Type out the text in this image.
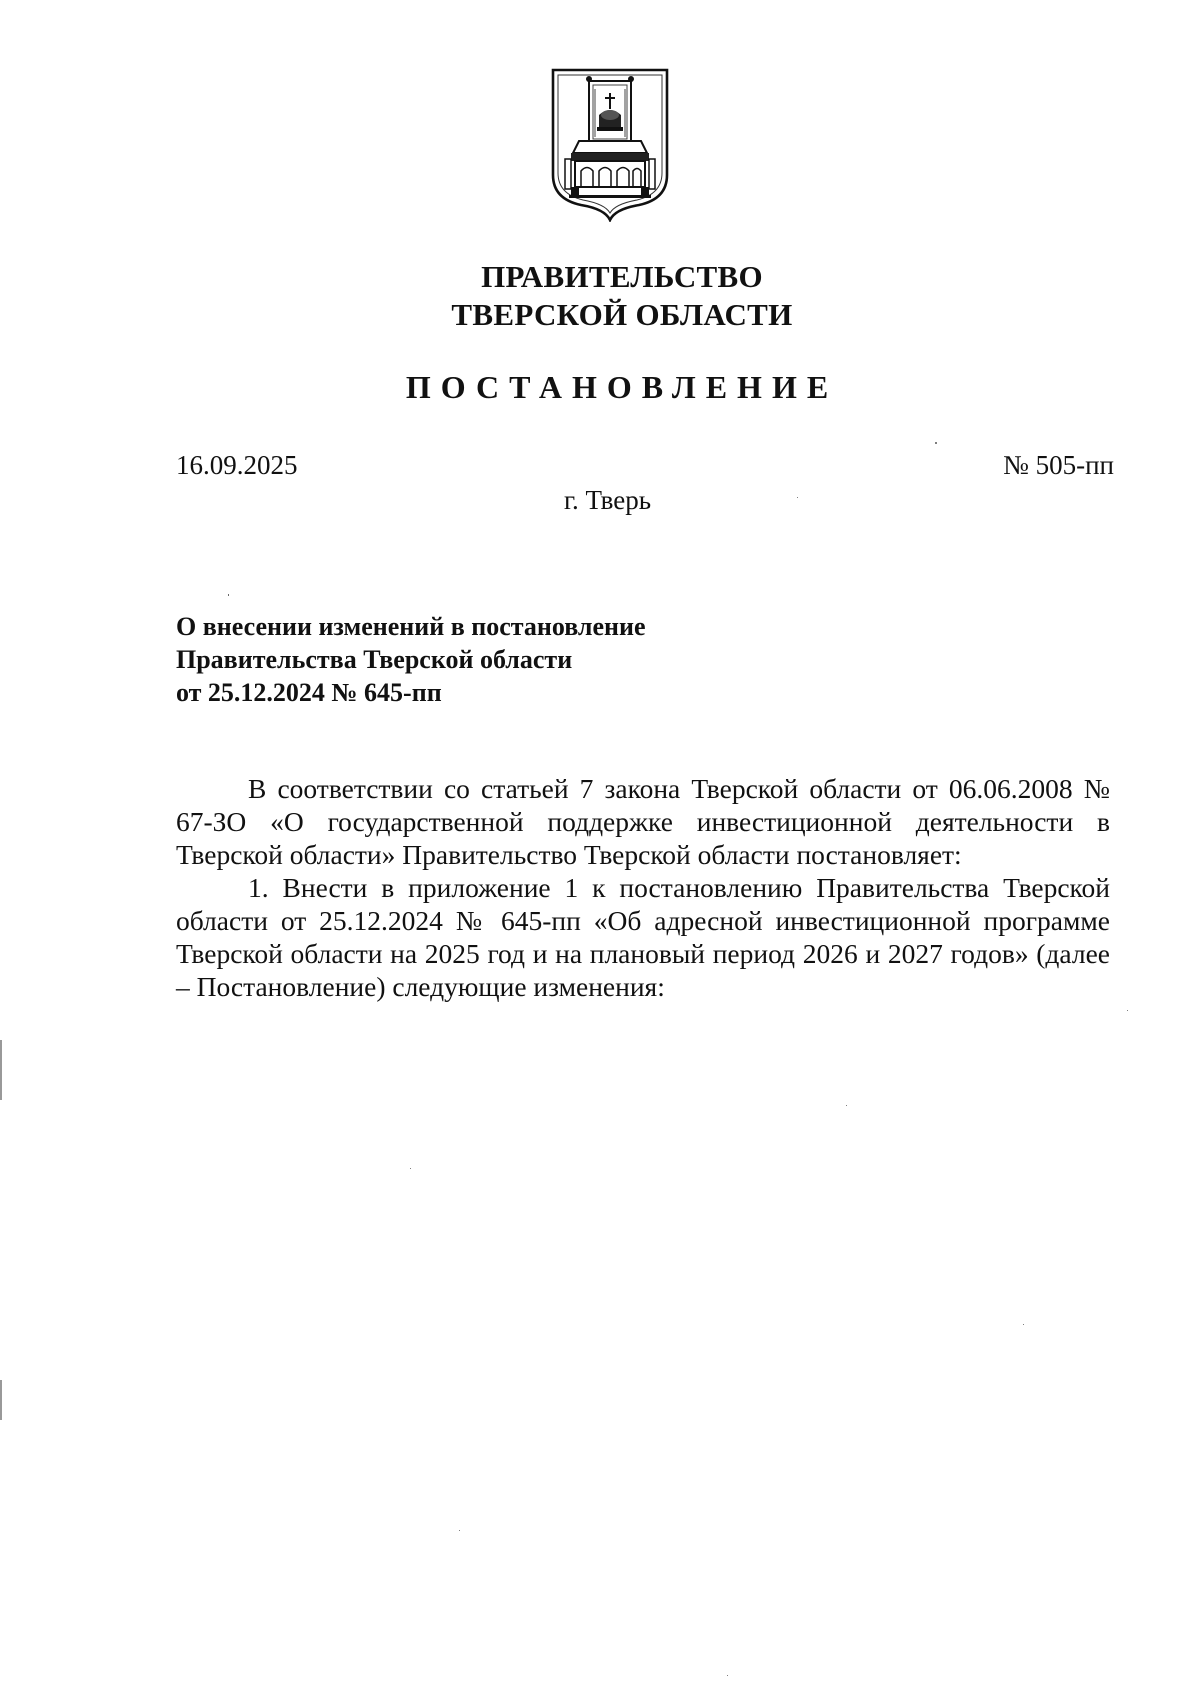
ПРАВИТЕЛЬСТВО
ТВЕРСКОЙ ОБЛАСТИ
ПОСТАНОВЛЕНИЕ
16.09.2025	№ 505-пп
г. Тверь
О внесении изменений в постановление
Правительства Тверской области
от 25.12.2024 № 645-пп

В соответствии со статьей 7 закона Тверской области от 06.06.2008 № 67-ЗО «О государственной поддержке инвестиционной деятельности в Тверской области» Правительство Тверской области постановляет:

1. Внести в приложение 1 к постановлению Правительства Тверской области от 25.12.2024 № 645-пп «Об адресной инвестиционной программе Тверской области на 2025 год и на плановый период 2026 и 2027 годов» (далее – Постановление) следующие изменения:
